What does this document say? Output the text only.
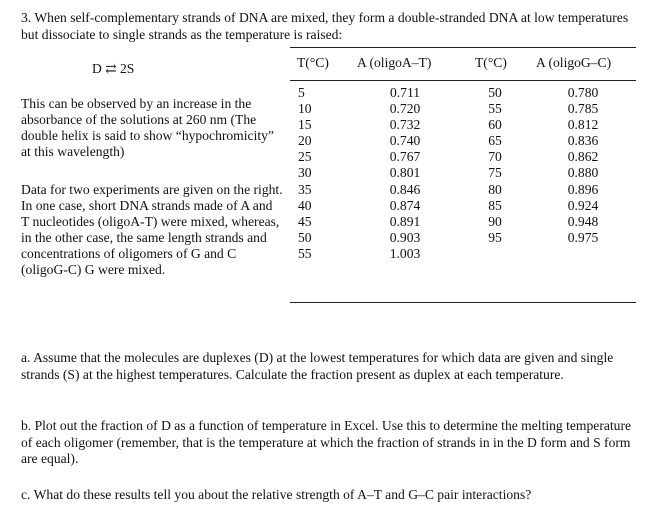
3. When self-complementary strands of DNA are mixed, they form a double-stranded DNA at low temperatures but dissociate to single strands as the temperature is raised:
D ⇄ 2S
This can be observed by an increase in the absorbance of the solutions at 260 nm (The double helix is said to show “hypochromicity” at this wavelength)
Data for two experiments are given on the right. In one case, short DNA strands made of A and T nucleotides (oligoA-T) were mixed, whereas, in the other case, the same length strands and concentrations of oligomers of G and C (oligoG-C) G were mixed.
T(°C) A (oligoA–T)	T(°C) A (oligoG–C)
5
10
15
20
25
30
35
40
45
50
55
0.711
0.720
0.732
0.740
0.767
0.801
0.846
0.874
0.891
0.903
1.003
50
55
60
65
70
75
80
85
90
95
0.780
0.785
0.812
0.836
0.862
0.880
0.896
0.924
0.948
0.975
a. Assume that the molecules are duplexes (D) at the lowest temperatures for which data are given and single strands (S) at the highest temperatures. Calculate the fraction present as duplex at each temperature.
b. Plot out the fraction of D as a function of temperature in Excel. Use this to determine the melting temperature of each oligomer (remember, that is the temperature at which the fraction of strands in in the D form and S form are equal).
c. What do these results tell you about the relative strength of A–T and G–C pair interactions?
